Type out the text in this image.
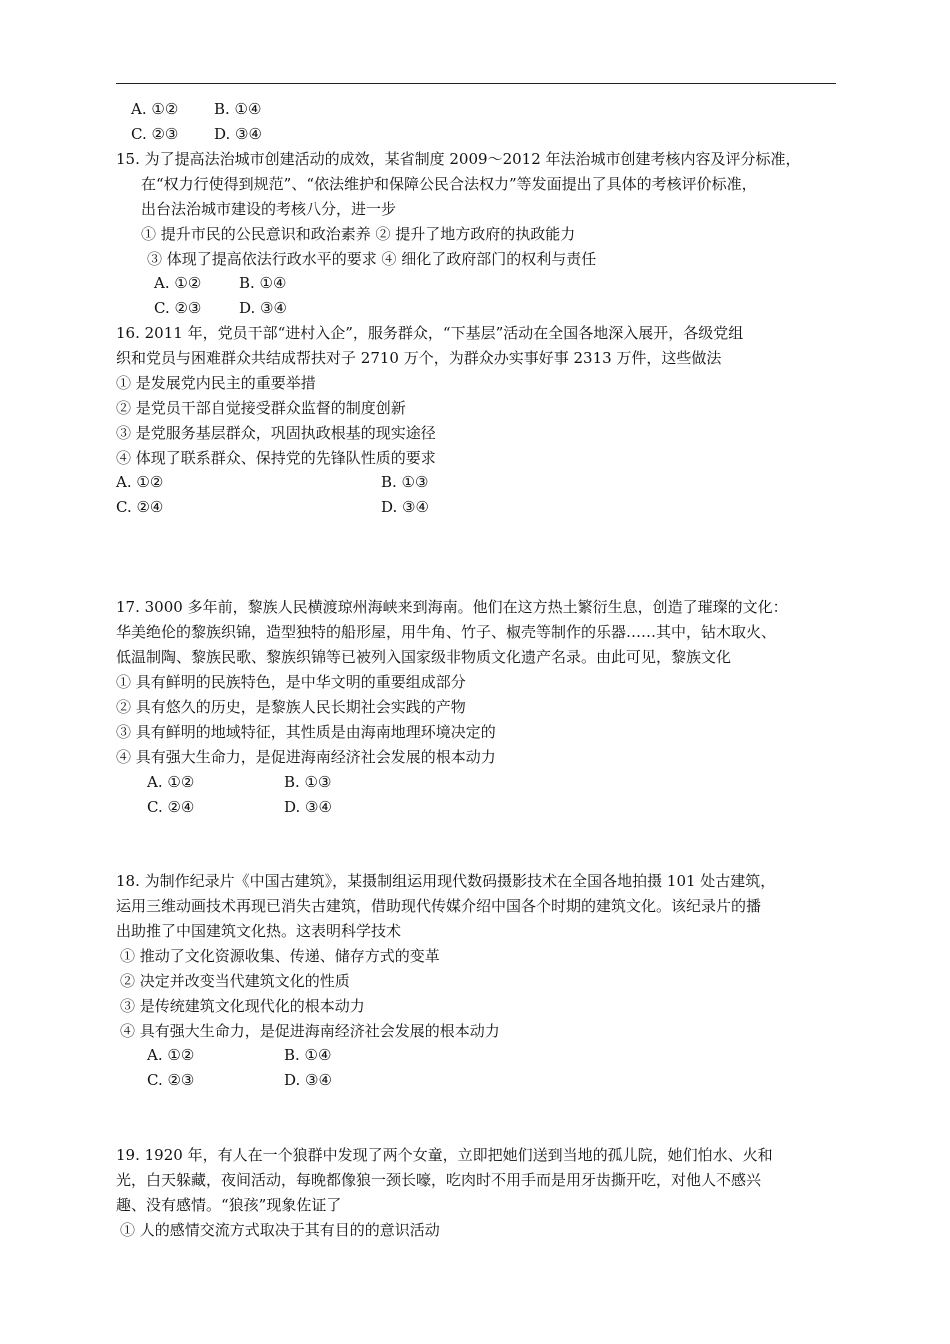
A. ①② B. ①④
C. ②③ D. ③④
15. 为了提高法治城市创建活动的成效，某省制度 2009～2012 年法治城市创建考核内容及评分标准，
在“权力行使得到规范”、“依法维护和保障公民合法权力”等发面提出了具体的考核评价标准，
出台法治城市建设的考核八分，进一步
① 提升市民的公民意识和政治素养 ② 提升了地方政府的执政能力
③ 体现了提高依法行政水平的要求 ④ 细化了政府部门的权利与责任
A. ①②	B. ①④
C. ②③	D. ③④
16. 2011 年，党员干部“进村入企”，服务群众，“下基层”活动在全国各地深入展开，各级党组
织和党员与困难群众共结成帮扶对子 2710 万个，为群众办实事好事 2313 万件，这些做法
① 是发展党内民主的重要举措
② 是党员干部自觉接受群众监督的制度创新
③ 是党服务基层群众，巩固执政根基的现实途径
④ 体现了联系群众、保持党的先锋队性质的要求
A. ①②	B. ①③
C. ②④	D. ③④
17. 3000 多年前，黎族人民横渡琼州海峡来到海南。他们在这方热土繁衍生息，创造了璀璨的文化：
华美绝伦的黎族织锦，造型独特的船形屋，用牛角、竹子、椒壳等制作的乐器……其中，钻木取火、
低温制陶、黎族民歌、黎族织锦等已被列入国家级非物质文化遗产名录。由此可见，黎族文化
① 具有鲜明的民族特色，是中华文明的重要组成部分
② 具有悠久的历史，是黎族人民长期社会实践的产物
③ 具有鲜明的地域特征，其性质是由海南地理环境决定的
④ 具有强大生命力，是促进海南经济社会发展的根本动力
A. ①②	B. ①③
C. ②④	D. ③④
18. 为制作纪录片《中国古建筑》，某摄制组运用现代数码摄影技术在全国各地拍摄 101 处古建筑，
运用三维动画技术再现已消失古建筑，借助现代传媒介绍中国各个时期的建筑文化。该纪录片的播
出助推了中国建筑文化热。这表明科学技术
① 推动了文化资源收集、传递、储存方式的变革
② 决定并改变当代建筑文化的性质
③ 是传统建筑文化现代化的根本动力
④ 具有强大生命力，是促进海南经济社会发展的根本动力
A. ①②	B. ①④
C. ②③	D. ③④
19. 1920 年，有人在一个狼群中发现了两个女童，立即把她们送到当地的孤儿院，她们怕水、火和
光，白天躲藏，夜间活动，每晚都像狼一颈长嚎，吃肉时不用手而是用牙齿撕开吃，对他人不感兴
趣、没有感情。“狼孩”现象佐证了
① 人的感情交流方式取决于其有目的的意识活动
